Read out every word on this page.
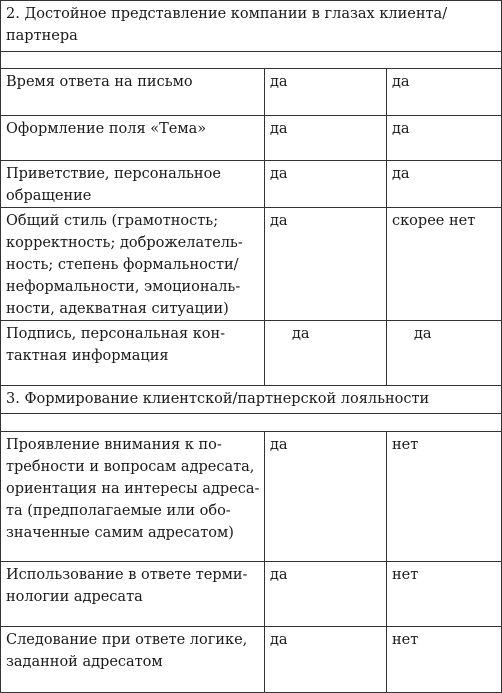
2. Достойное представление компании в глазах клиента/
партнера		

Время ответа на письмо	да	да

Оформление поля «Тема»	да	да

Приветствие, персональное
обращение	да	да

Общий стиль (грамотность;
корректность; доброжелатель-
ность; степень формальности/
неформальности, эмоциональ-
ности, адекватная ситуации)	да	скорее нет

Подпись, персональная кон-
тактная информация	да	да

3. Формирование клиентской/партнерской лояльности		

Проявление внимания к по-
требности и вопросам адресата,
ориентация на интересы адреса-
та (предполагаемые или обо-
значенные самим адресатом)	да	нет

Использование в ответе терми-
нологии адресата	да	нет

Следование при ответе логике,
заданной адресатом	да	нет
